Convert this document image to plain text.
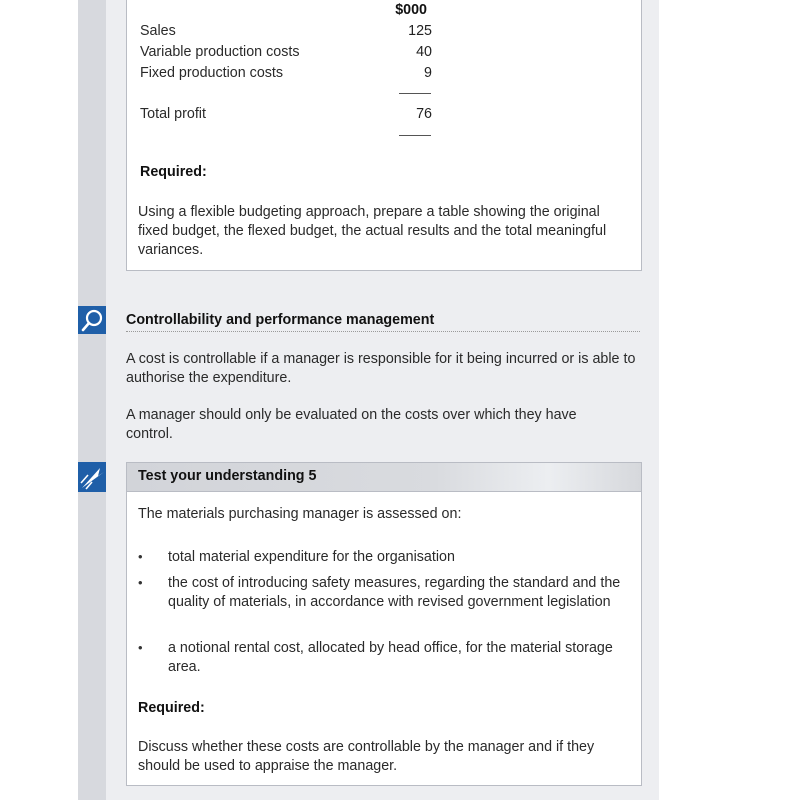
$000
Sales	125
Variable production costs	40
Fixed production costs	9
Total profit	76
Required:
Using a flexible budgeting approach, prepare a table showing the original fixed budget, the flexed budget, the actual results and the total meaningful variances.
Controllability and performance management
A cost is controllable if a manager is responsible for it being incurred or is able to authorise the expenditure.
A manager should only be evaluated on the costs over which they have control.
Test your understanding 5
The materials purchasing manager is assessed on:
• total material expenditure for the organisation
• the cost of introducing safety measures, regarding the standard and the quality of materials, in accordance with revised government legislation
• a notional rental cost, allocated by head office, for the material storage area.
Required:
Discuss whether these costs are controllable by the manager and if they should be used to appraise the manager.
